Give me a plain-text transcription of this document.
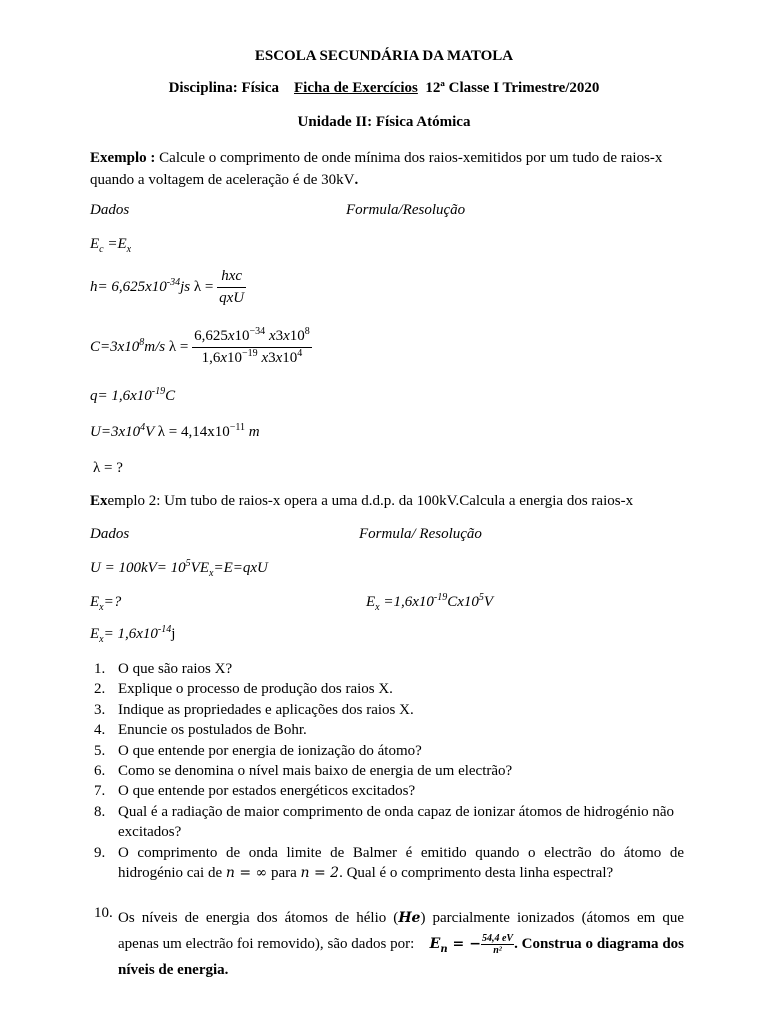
ESCOLA SECUNDÁRIA DA MATOLA
Disciplina: Física Ficha de Exercícios 12ª Classe I Trimestre/2020
Unidade II: Física Atómica
Exemplo : Calcule o comprimento de onde mínima dos raios-xemitidos por um tudo de raios-x
quando a voltagem de aceleração é de 30kV.
Dados	Formula/Resolução
$E_c =E_x$
$h= 6,625x10^{-34}js$ $\lambda = \frac{\text{hxc}}{\text{qxU}}$
$C=3x10^8m/s$ $\lambda = \frac{6,625x10^{-34} x3x10^8}{1,6x10^{-19} x3x10^4}$
$q= 1,6x10^{-19}C$
$U=3x10^4V$ $\lambda = 4,14x10^{-11}$ m
λ = ?
Exemplo 2: Um tubo de raios-x opera a uma d.d.p. da 100kV.Calcula a energia dos raios-x
Dados	Formula/ Resolução
$U = 100kV= 10^5VE_x=E=qxU$
$E_x=$?	$E_x =1,6x10^{-19}Cx10^5V$
$E_x= 1,6x10^{-14}j$
1. O que são raios X?
2. Explique o processo de produção dos raios X.
3. Indique as propriedades e aplicações dos raios X.
4. Enuncie os postulados de Bohr.
5. O que entende por energia de ionização do átomo?
6. Como se denomina o nível mais baixo de energia de um electrão?
7. O que entende por estados energéticos excitados?
8. Qual é a radiação de maior comprimento de onda capaz de ionizar átomos de hidrogénio não excitados?
9. O comprimento de onda limite de Balmer é emitido quando o electrão do átomo de hidrogénio cai de n = ∞ para n = 2. Qual é o comprimento desta linha espectral?
10. Os níveis de energia dos átomos de hélio (He) parcialmente ionizados (átomos em que apenas um electrão foi removido), são dados por: $E_n$ = − $\frac{54,4 eV}{\text{n²}}$ . Construa o diagrama dos níveis de energia.
